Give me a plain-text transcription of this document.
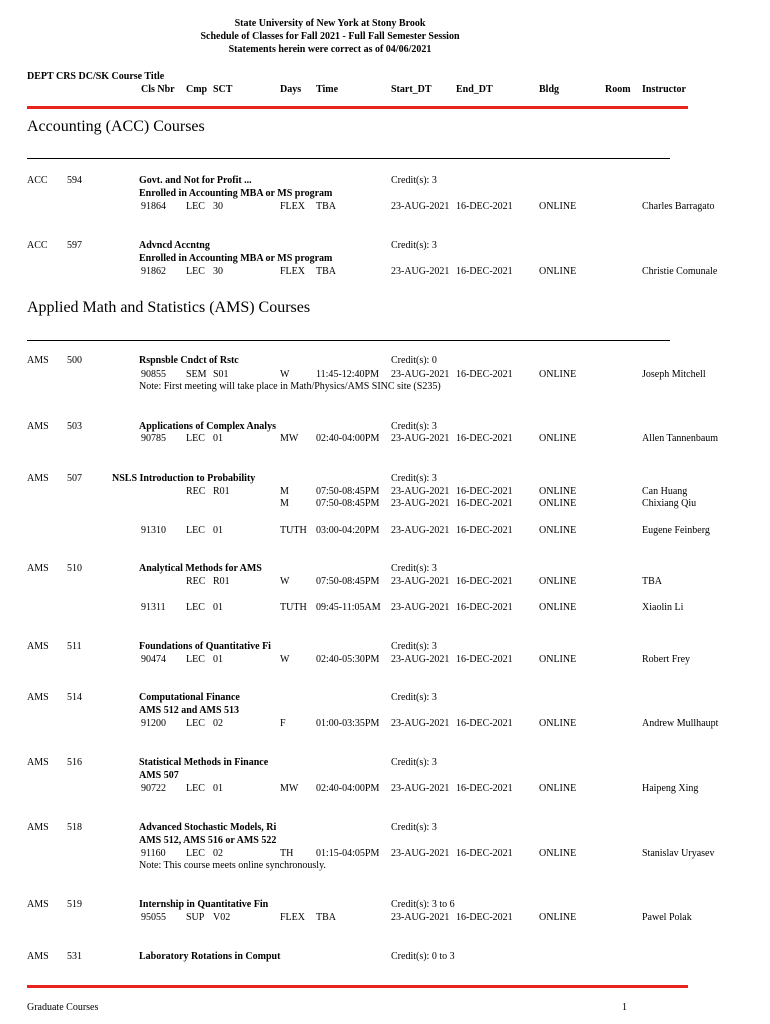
State University of New York at Stony Brook
Schedule of Classes for Fall 2021 - Full Fall Semester Session
Statements herein were correct as of 04/06/2021
DEPT CRS DC/SK Course Title
Cls Nbr Cmp SCT	Days Time	Start_DT End_DT	Bldg	Room Instructor
Accounting (ACC) Courses
ACC 594	Govt. and Not for Profit ...	Credit(s): 3
Enrolled in Accounting MBA or MS program
91864 LEC 30	FLEX TBA	23-AUG-2021 16-DEC-2021	ONLINE	Charles Barragato
ACC 597	Advncd Accntng	Credit(s): 3
Enrolled in Accounting MBA or MS program
91862 LEC 30	FLEX TBA	23-AUG-2021 16-DEC-2021	ONLINE	Christie Comunale
Applied Math and Statistics (AMS) Courses
AMS 500	Rspnsble Cndct of Rstc	Credit(s): 0
90855 SEM S01	W	11:45-12:40PM 23-AUG-2021 16-DEC-2021	ONLINE	Joseph Mitchell
Note: First meeting will take place in Math/Physics/AMS SINC site (S235)
AMS 503	Applications of Complex Analys	Credit(s): 3
90785 LEC 01	MW 02:40-04:00PM 23-AUG-2021 16-DEC-2021	ONLINE	Allen Tannenbaum
AMS 507	NSLS Introduction to Probability	Credit(s): 3
REC R01	M	07:50-08:45PM 23-AUG-2021 16-DEC-2021	ONLINE	Can Huang
M	07:50-08:45PM 23-AUG-2021 16-DEC-2021	ONLINE	Chixiang Qiu
91310 LEC 01	TUTH 03:00-04:20PM 23-AUG-2021 16-DEC-2021	ONLINE	Eugene Feinberg
AMS 510	Analytical Methods for AMS	Credit(s): 3
REC R01	W	07:50-08:45PM 23-AUG-2021 16-DEC-2021	ONLINE	TBA
91311 LEC 01	TUTH 09:45-11:05AM 23-AUG-2021 16-DEC-2021	ONLINE	Xiaolin Li
AMS 511	Foundations of Quantitative Fi	Credit(s): 3
90474 LEC 01	W	02:40-05:30PM 23-AUG-2021 16-DEC-2021	ONLINE	Robert Frey
AMS 514	Computational Finance	Credit(s): 3
AMS 512 and AMS 513
91200 LEC 02	F	01:00-03:35PM 23-AUG-2021 16-DEC-2021	ONLINE	Andrew Mullhaupt
AMS 516	Statistical Methods in Finance	Credit(s): 3
AMS 507
90722 LEC 01	MW 02:40-04:00PM 23-AUG-2021 16-DEC-2021	ONLINE	Haipeng Xing
AMS 518	Advanced Stochastic Models, Ri	Credit(s): 3
AMS 512, AMS 516 or AMS 522
91160 LEC 02	TH 01:15-04:05PM 23-AUG-2021 16-DEC-2021	ONLINE	Stanislav Uryasev
Note: This course meets online synchronously.
AMS 519	Internship in Quantitative Fin	Credit(s): 3 to 6
95055 SUP V02	FLEX TBA	23-AUG-2021 16-DEC-2021	ONLINE	Pawel Polak
AMS 531	Laboratory Rotations in Comput	Credit(s): 0 to 3
Graduate Courses	1
